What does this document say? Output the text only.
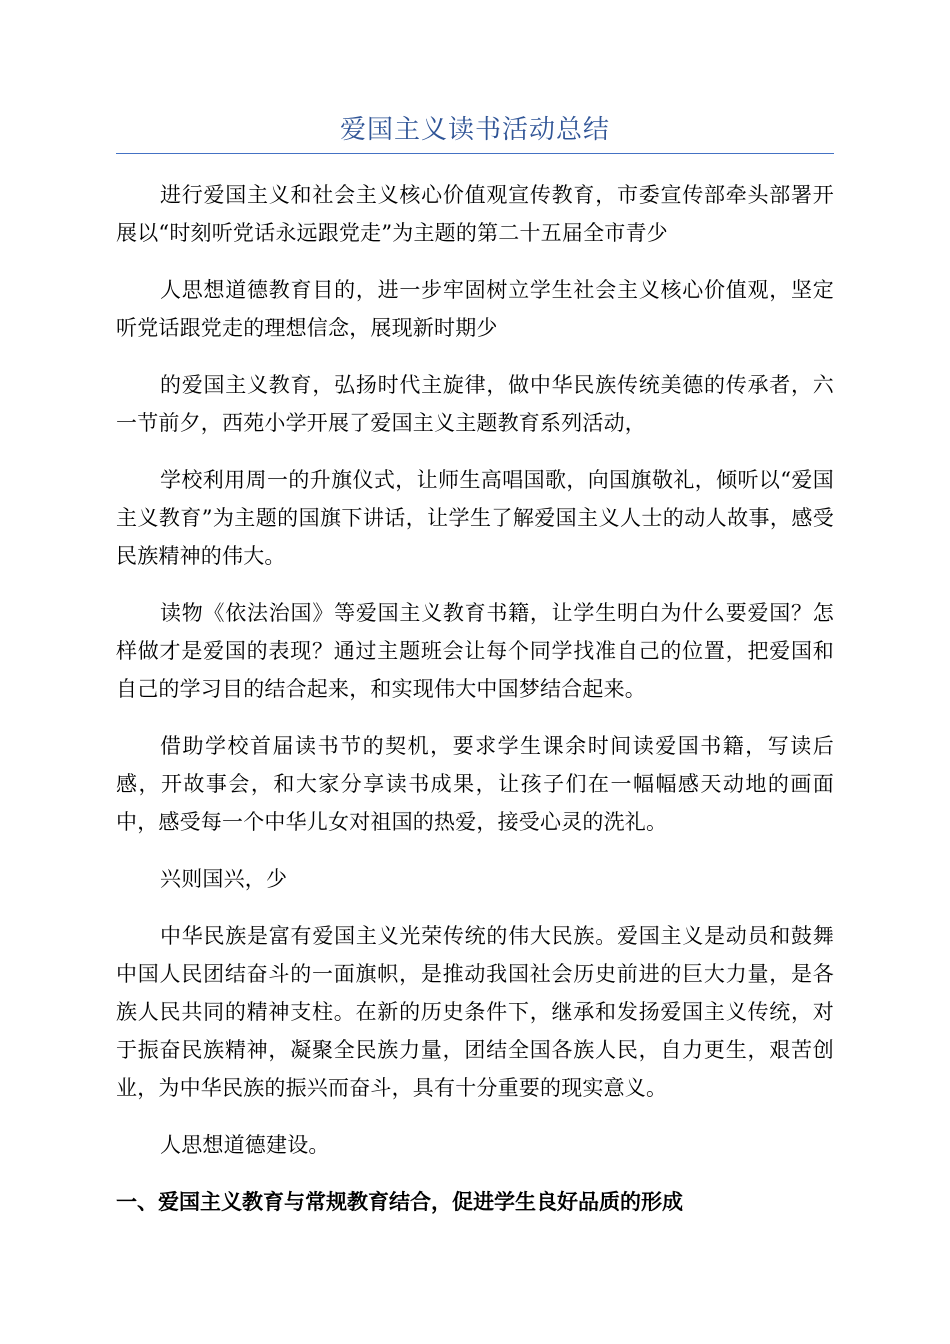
爱国主义读书活动总结

进行爱国主义和社会主义核心价值观宣传教育，市委宣传部牵头部署开展以“时刻听党话永远跟党走”为主题的第二十五届全市青少

人思想道德教育目的，进一步牢固树立学生社会主义核心价值观，坚定听党话跟党走的理想信念，展现新时期少

的爱国主义教育，弘扬时代主旋律，做中华民族传统美德的传承者，六一节前夕，西苑小学开展了爱国主义主题教育系列活动，

学校利用周一的升旗仪式，让师生高唱国歌，向国旗敬礼，倾听以“爱国主义教育”为主题的国旗下讲话，让学生了解爱国主义人士的动人故事，感受民族精神的伟大。

读物《依法治国》等爱国主义教育书籍，让学生明白为什么要爱国？怎样做才是爱国的表现？通过主题班会让每个同学找准自己的位置，把爱国和自己的学习目的结合起来，和实现伟大中国梦结合起来。

借助学校首届读书节的契机，要求学生课余时间读爱国书籍，写读后感，开故事会，和大家分享读书成果，让孩子们在一幅幅感天动地的画面中，感受每一个中华儿女对祖国的热爱，接受心灵的洗礼。

兴则国兴，少

中华民族是富有爱国主义光荣传统的伟大民族。爱国主义是动员和鼓舞中国人民团结奋斗的一面旗帜，是推动我国社会历史前进的巨大力量，是各族人民共同的精神支柱。在新的历史条件下，继承和发扬爱国主义传统，对于振奋民族精神，凝聚全民族力量，团结全国各族人民，自力更生，艰苦创业，为中华民族的振兴而奋斗，具有十分重要的现实意义。

人思想道德建设。

一、爱国主义教育与常规教育结合，促进学生良好品质的形成
